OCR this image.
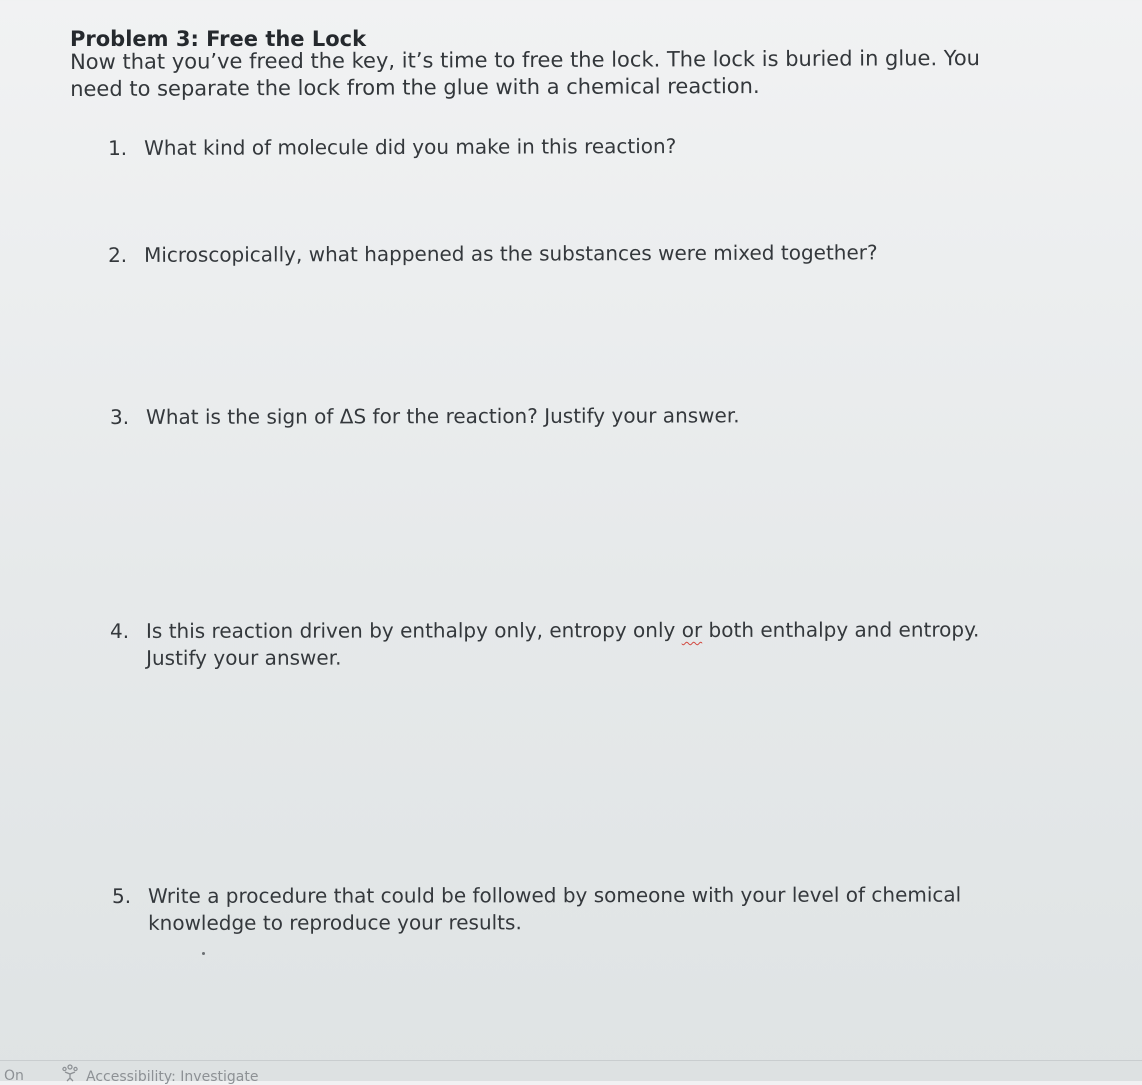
Problem 3: Free the Lock

Now that you’ve freed the key, it’s time to free the lock. The lock is buried in glue. You
need to separate the lock from the glue with a chemical reaction.

1. What kind of molecule did you make in this reaction?
2. Microscopically, what happened as the substances were mixed together?
3. What is the sign of ΔS for the reaction? Justify your answer.
4. Is this reaction driven by enthalpy only, entropy only or both enthalpy and entropy.
Justify your answer.
5. Write a procedure that could be followed by someone with your level of chemical
knowledge to reproduce your results.
On	Accessibility: Investigate
